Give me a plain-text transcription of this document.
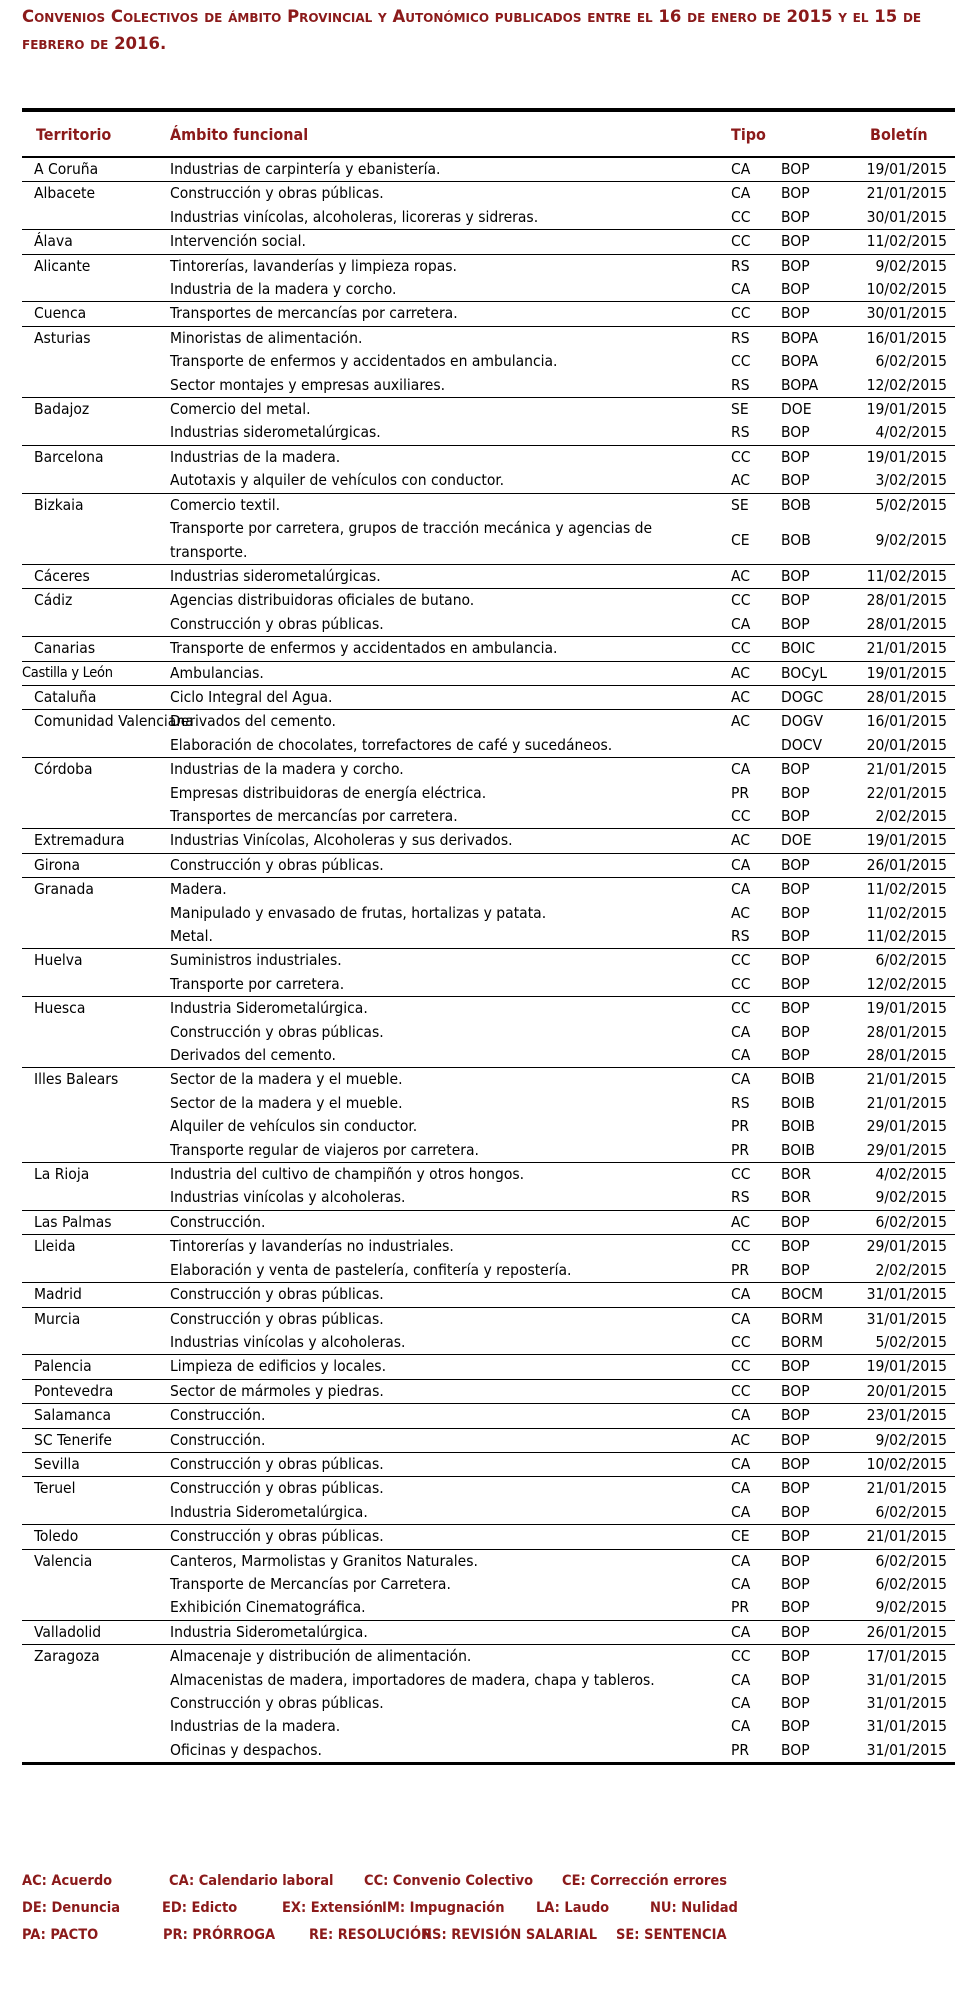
Convenios Colectivos de ámbito Provincial y Autonómico publicados entre el 16 de enero de 2015 y el 15 de febrero de 2016.
Territorio	Ámbito funcional	Tipo		Boletín
A Coruña	Industrias de carpintería y ebanistería.	CA	BOP	19/01/2015
Albacete	Construcción y obras públicas.	CA	BOP	21/01/2015
	Industrias vinícolas, alcoholeras, licoreras y sidreras.	CC	BOP	30/01/2015
Álava	Intervención social.	CC	BOP	11/02/2015
Alicante	Tintorerías, lavanderías y limpieza ropas.	RS	BOP	9/02/2015
	Industria de la madera y corcho.	CA	BOP	10/02/2015
Cuenca	Transportes de mercancías por carretera.	CC	BOP	30/01/2015
Asturias	Minoristas de alimentación.	RS	BOPA	16/01/2015
	Transporte de enfermos y accidentados en ambulancia.	CC	BOPA	6/02/2015
	Sector montajes y empresas auxiliares.	RS	BOPA	12/02/2015
Badajoz	Comercio del metal.	SE	DOE	19/01/2015
	Industrias siderometalúrgicas.	RS	BOP	4/02/2015
Barcelona	Industrias de la madera.	CC	BOP	19/01/2015
	Autotaxis y alquiler de vehículos con conductor.	AC	BOP	3/02/2015
Bizkaia	Comercio textil.	SE	BOB	5/02/2015
	Transporte por carretera, grupos de tracción mecánica y agencias de transporte.	CE	BOB	9/02/2015
Cáceres	Industrias siderometalúrgicas.	AC	BOP	11/02/2015
Cádiz	Agencias distribuidoras oficiales de butano.	CC	BOP	28/01/2015
	Construcción y obras públicas.	CA	BOP	28/01/2015
Canarias	Transporte de enfermos y accidentados en ambulancia.	CC	BOIC	21/01/2015
Castilla y León	Ambulancias.	AC	BOCyL	19/01/2015
Cataluña	Ciclo Integral del Agua.	AC	DOGC	28/01/2015
Comunidad Valenciana	Derivados del cemento.	AC	DOGV	16/01/2015
	Elaboración de chocolates, torrefactores de café y sucedáneos.		DOCV	20/01/2015
Córdoba	Industrias de la madera y corcho.	CA	BOP	21/01/2015
	Empresas distribuidoras de energía eléctrica.	PR	BOP	22/01/2015
	Transportes de mercancías por carretera.	CC	BOP	2/02/2015
Extremadura	Industrias Vinícolas, Alcoholeras y sus derivados.	AC	DOE	19/01/2015
Girona	Construcción y obras públicas.	CA	BOP	26/01/2015
Granada	Madera.	CA	BOP	11/02/2015
	Manipulado y envasado de frutas, hortalizas y patata.	AC	BOP	11/02/2015
	Metal.	RS	BOP	11/02/2015
Huelva	Suministros industriales.	CC	BOP	6/02/2015
	Transporte por carretera.	CC	BOP	12/02/2015
Huesca	Industria Siderometalúrgica.	CC	BOP	19/01/2015
	Construcción y obras públicas.	CA	BOP	28/01/2015
	Derivados del cemento.	CA	BOP	28/01/2015
Illes Balears	Sector de la madera y el mueble.	CA	BOIB	21/01/2015
	Sector de la madera y el mueble.	RS	BOIB	21/01/2015
	Alquiler de vehículos sin conductor.	PR	BOIB	29/01/2015
	Transporte regular de viajeros por carretera.	PR	BOIB	29/01/2015
La Rioja	Industria del cultivo de champiñón y otros hongos.	CC	BOR	4/02/2015
	Industrias vinícolas y alcoholeras.	RS	BOR	9/02/2015
Las Palmas	Construcción.	AC	BOP	6/02/2015
Lleida	Tintorerías y lavanderías no industriales.	CC	BOP	29/01/2015
	Elaboración y venta de pastelería, confitería y repostería.	PR	BOP	2/02/2015
Madrid	Construcción y obras públicas.	CA	BOCM	31/01/2015
Murcia	Construcción y obras públicas.	CA	BORM	31/01/2015
	Industrias vinícolas y alcoholeras.	CC	BORM	5/02/2015
Palencia	Limpieza de edificios y locales.	CC	BOP	19/01/2015
Pontevedra	Sector de mármoles y piedras.	CC	BOP	20/01/2015
Salamanca	Construcción.	CA	BOP	23/01/2015
SC Tenerife	Construcción.	AC	BOP	9/02/2015
Sevilla	Construcción y obras públicas.	CA	BOP	10/02/2015
Teruel	Construcción y obras públicas.	CA	BOP	21/01/2015
	Industria Siderometalúrgica.	CA	BOP	6/02/2015
Toledo	Construcción y obras públicas.	CE	BOP	21/01/2015
Valencia	Canteros, Marmolistas y Granitos Naturales.	CA	BOP	6/02/2015
	Transporte de Mercancías por Carretera.	CA	BOP	6/02/2015
	Exhibición Cinematográfica.	PR	BOP	9/02/2015
Valladolid	Industria Siderometalúrgica.	CA	BOP	26/01/2015
Zaragoza	Almacenaje y distribución de alimentación.	CC	BOP	17/01/2015
	Almacenistas de madera, importadores de madera, chapa y tableros.	CA	BOP	31/01/2015
	Construcción y obras públicas.	CA	BOP	31/01/2015
	Industrias de la madera.	CA	BOP	31/01/2015
	Oficinas y despachos.	PR	BOP	31/01/2015

AC: Acuerdo	CA: Calendario laboral CC: Convenio Colectivo CE: Corrección errores
DE: Denuncia	ED: Edicto	EX: Extensión IM: Impugnación LA: Laudo	NU: Nulidad
PA: PACTO	PR: PRÓRROGA RE: RESOLUCIÓN
RS: REVISIÓN SALARIAL SE: SENTENCIA
